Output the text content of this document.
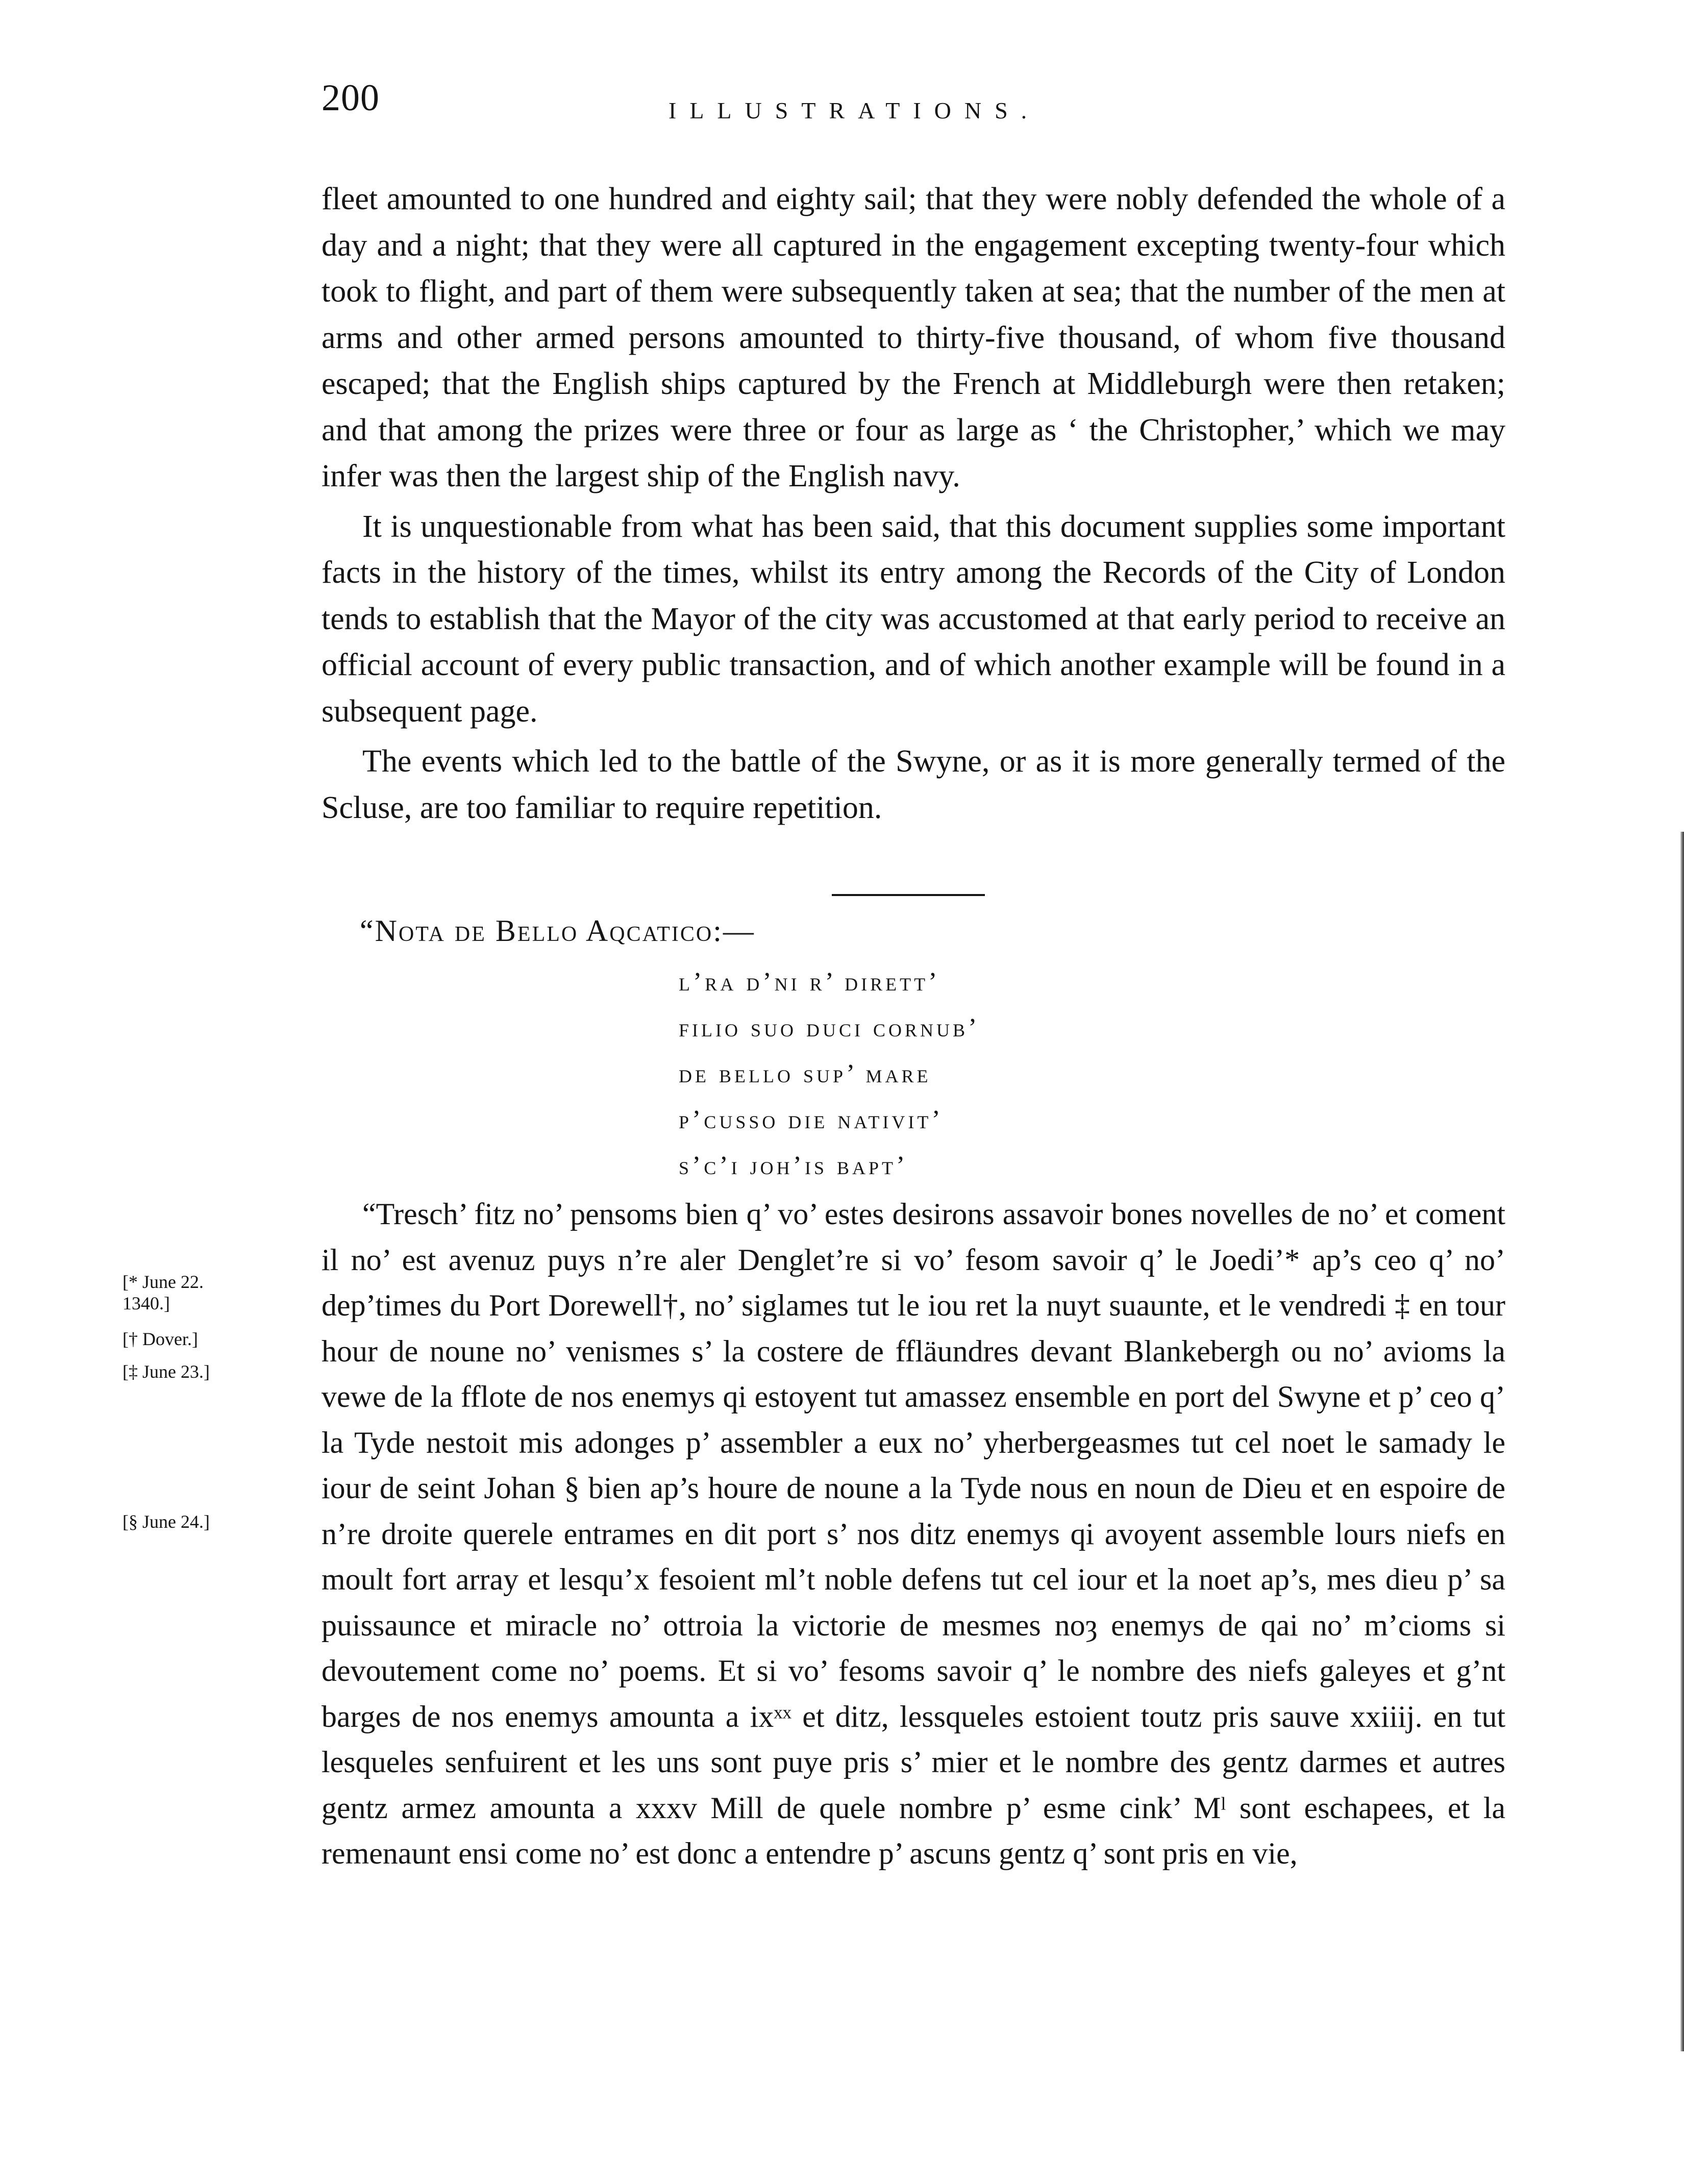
200	ILLUSTRATIONS.

fleet amounted to one hundred and eighty sail; that they were nobly defended the whole of a day and a night; that they were all captured in the engagement excepting twenty-four which took to flight, and part of them were subsequently taken at sea; that the number of the men at arms and other armed persons amounted to thirty-five thousand, of whom five thousand escaped; that the English ships captured by the French at Middleburgh were then retaken; and that among the prizes were three or four as large as ‘ the Christopher,’ which we may infer was then the largest ship of the English navy.

It is unquestionable from what has been said, that this document supplies some important facts in the history of the times, whilst its entry among the Records of the City of London tends to establish that the Mayor of the city was accustomed at that early period to receive an official account of every public transaction, and of which another example will be found in a subsequent page.

The events which led to the battle of the Swyne, or as it is more generally termed of the Scluse, are too familiar to require repetition.

“Nota de Bello Aqcatico:—
l’ra d’ni r’ dirett’
filio suo duci cornub’
de bello sup’ mare
p’cusso die nativit’
s’c’i joh’is bapt’
[* June 22.
1340.]
[† Dover.]
[‡ June 23.]
[§ June 24.]

“Tresch’ fitz no’ pensoms bien q’ vo’ estes desirons assavoir bones novelles de no’ et coment il no’ est avenuz puys n’re aler Denglet’re si vo’ fesom savoir q’ le Joedi’* ap’s ceo q’ no’ dep’times du Port Dorewell†, no’ siglames tut le iou ret la nuyt suaunte, et le vendredi ‡ en tour hour de noune no’ venismes s’ la costere de ffläundres devant Blankebergh ou no’ avioms la vewe de la fflote de nos enemys qi estoyent tut amassez ensemble en port del Swyne et p’ ceo q’ la Tyde nestoit mis adonges p’ assembler a eux no’ yherbergeasmes tut cel noet le samady le iour de seint Johan § bien ap’s houre de noune a la Tyde nous en noun de Dieu et en espoire de n’re droite querele entrames en dit port s’ nos ditz enemys qi avoyent assemble lours niefs en moult fort array et lesqu’x fesoient ml’t noble defens tut cel iour et la noet ap’s, mes dieu p’ sa puissaunce et miracle no’ ottroia la victorie de mesmes noȝ enemys de qai no’ m’cioms si devoutement come no’ poems. Et si vo’ fesoms savoir q’ le nombre des niefs galeyes et g’nt barges de nos enemys amounta a ixˣˣ et ditz, lessqueles estoient toutz pris sauve xxiiij. en tut lesqueles senfuirent et les uns sont puye pris s’ mier et le nombre des gentz darmes et autres gentz armez amounta a xxxv Mill de quele nombre p’ esme cink’ Mˡ sont eschapees, et la remenaunt ensi come no’ est donc a entendre p’ ascuns gentz q’ sont pris en vie,
